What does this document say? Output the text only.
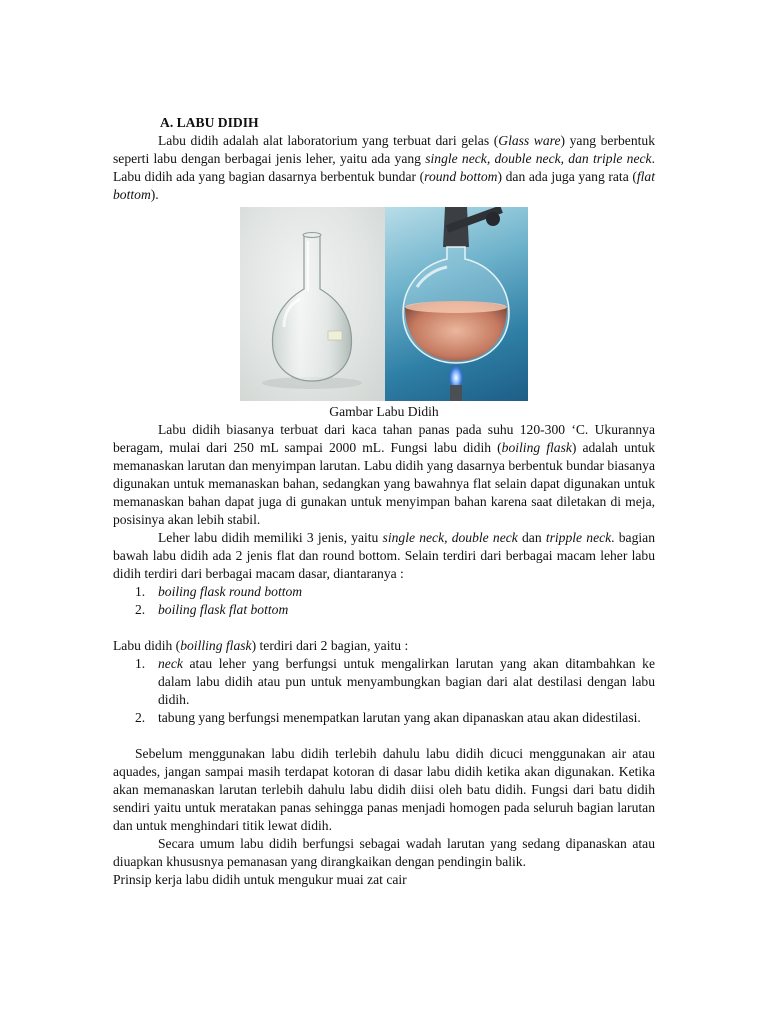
A. LABU DIDIH

Labu didih adalah alat laboratorium yang terbuat dari gelas (Glass ware) yang berbentuk seperti labu dengan berbagai jenis leher, yaitu ada yang single neck, double neck, dan triple neck. Labu didih ada yang bagian dasarnya berbentuk bundar (round bottom) dan ada juga yang rata (flat bottom).

Gambar Labu Didih

Labu didih biasanya terbuat dari kaca tahan panas pada suhu 120-300 ‘C. Ukurannya beragam, mulai dari 250 mL sampai 2000 mL. Fungsi labu didih (boiling flask) adalah untuk memanaskan larutan dan menyimpan larutan. Labu didih yang dasarnya berbentuk bundar biasanya digunakan untuk memanaskan bahan, sedangkan yang bawahnya flat selain dapat digunakan untuk memanaskan bahan dapat juga di gunakan untuk menyimpan bahan karena saat diletakan di meja, posisinya akan lebih stabil.

Leher labu didih memiliki 3 jenis, yaitu single neck, double neck dan tripple neck. bagian bawah labu didih ada 2 jenis flat dan round bottom. Selain terdiri dari berbagai macam leher labu didih terdiri dari berbagai macam dasar, diantaranya :

1. boiling flask round bottom
2. boiling flask flat bottom

Labu didih (boilling flask) terdiri dari 2 bagian, yaitu :

1. neck atau leher yang berfungsi untuk mengalirkan larutan yang akan ditambahkan ke dalam labu didih atau pun untuk menyambungkan bagian dari alat destilasi dengan labu didih.
2. tabung yang berfungsi menempatkan larutan yang akan dipanaskan atau akan didestilasi.

Sebelum menggunakan labu didih terlebih dahulu labu didih dicuci menggunakan air atau aquades, jangan sampai masih terdapat kotoran di dasar labu didih ketika akan digunakan. Ketika akan memanaskan larutan terlebih dahulu labu didih diisi oleh batu didih. Fungsi dari batu didih sendiri yaitu untuk meratakan panas sehingga panas menjadi homogen pada seluruh bagian larutan dan untuk menghindari titik lewat didih.

Secara umum labu didih berfungsi sebagai wadah larutan yang sedang dipanaskan atau diuapkan khususnya pemanasan yang dirangkaikan dengan pendingin balik.

Prinsip kerja labu didih untuk mengukur muai zat cair
